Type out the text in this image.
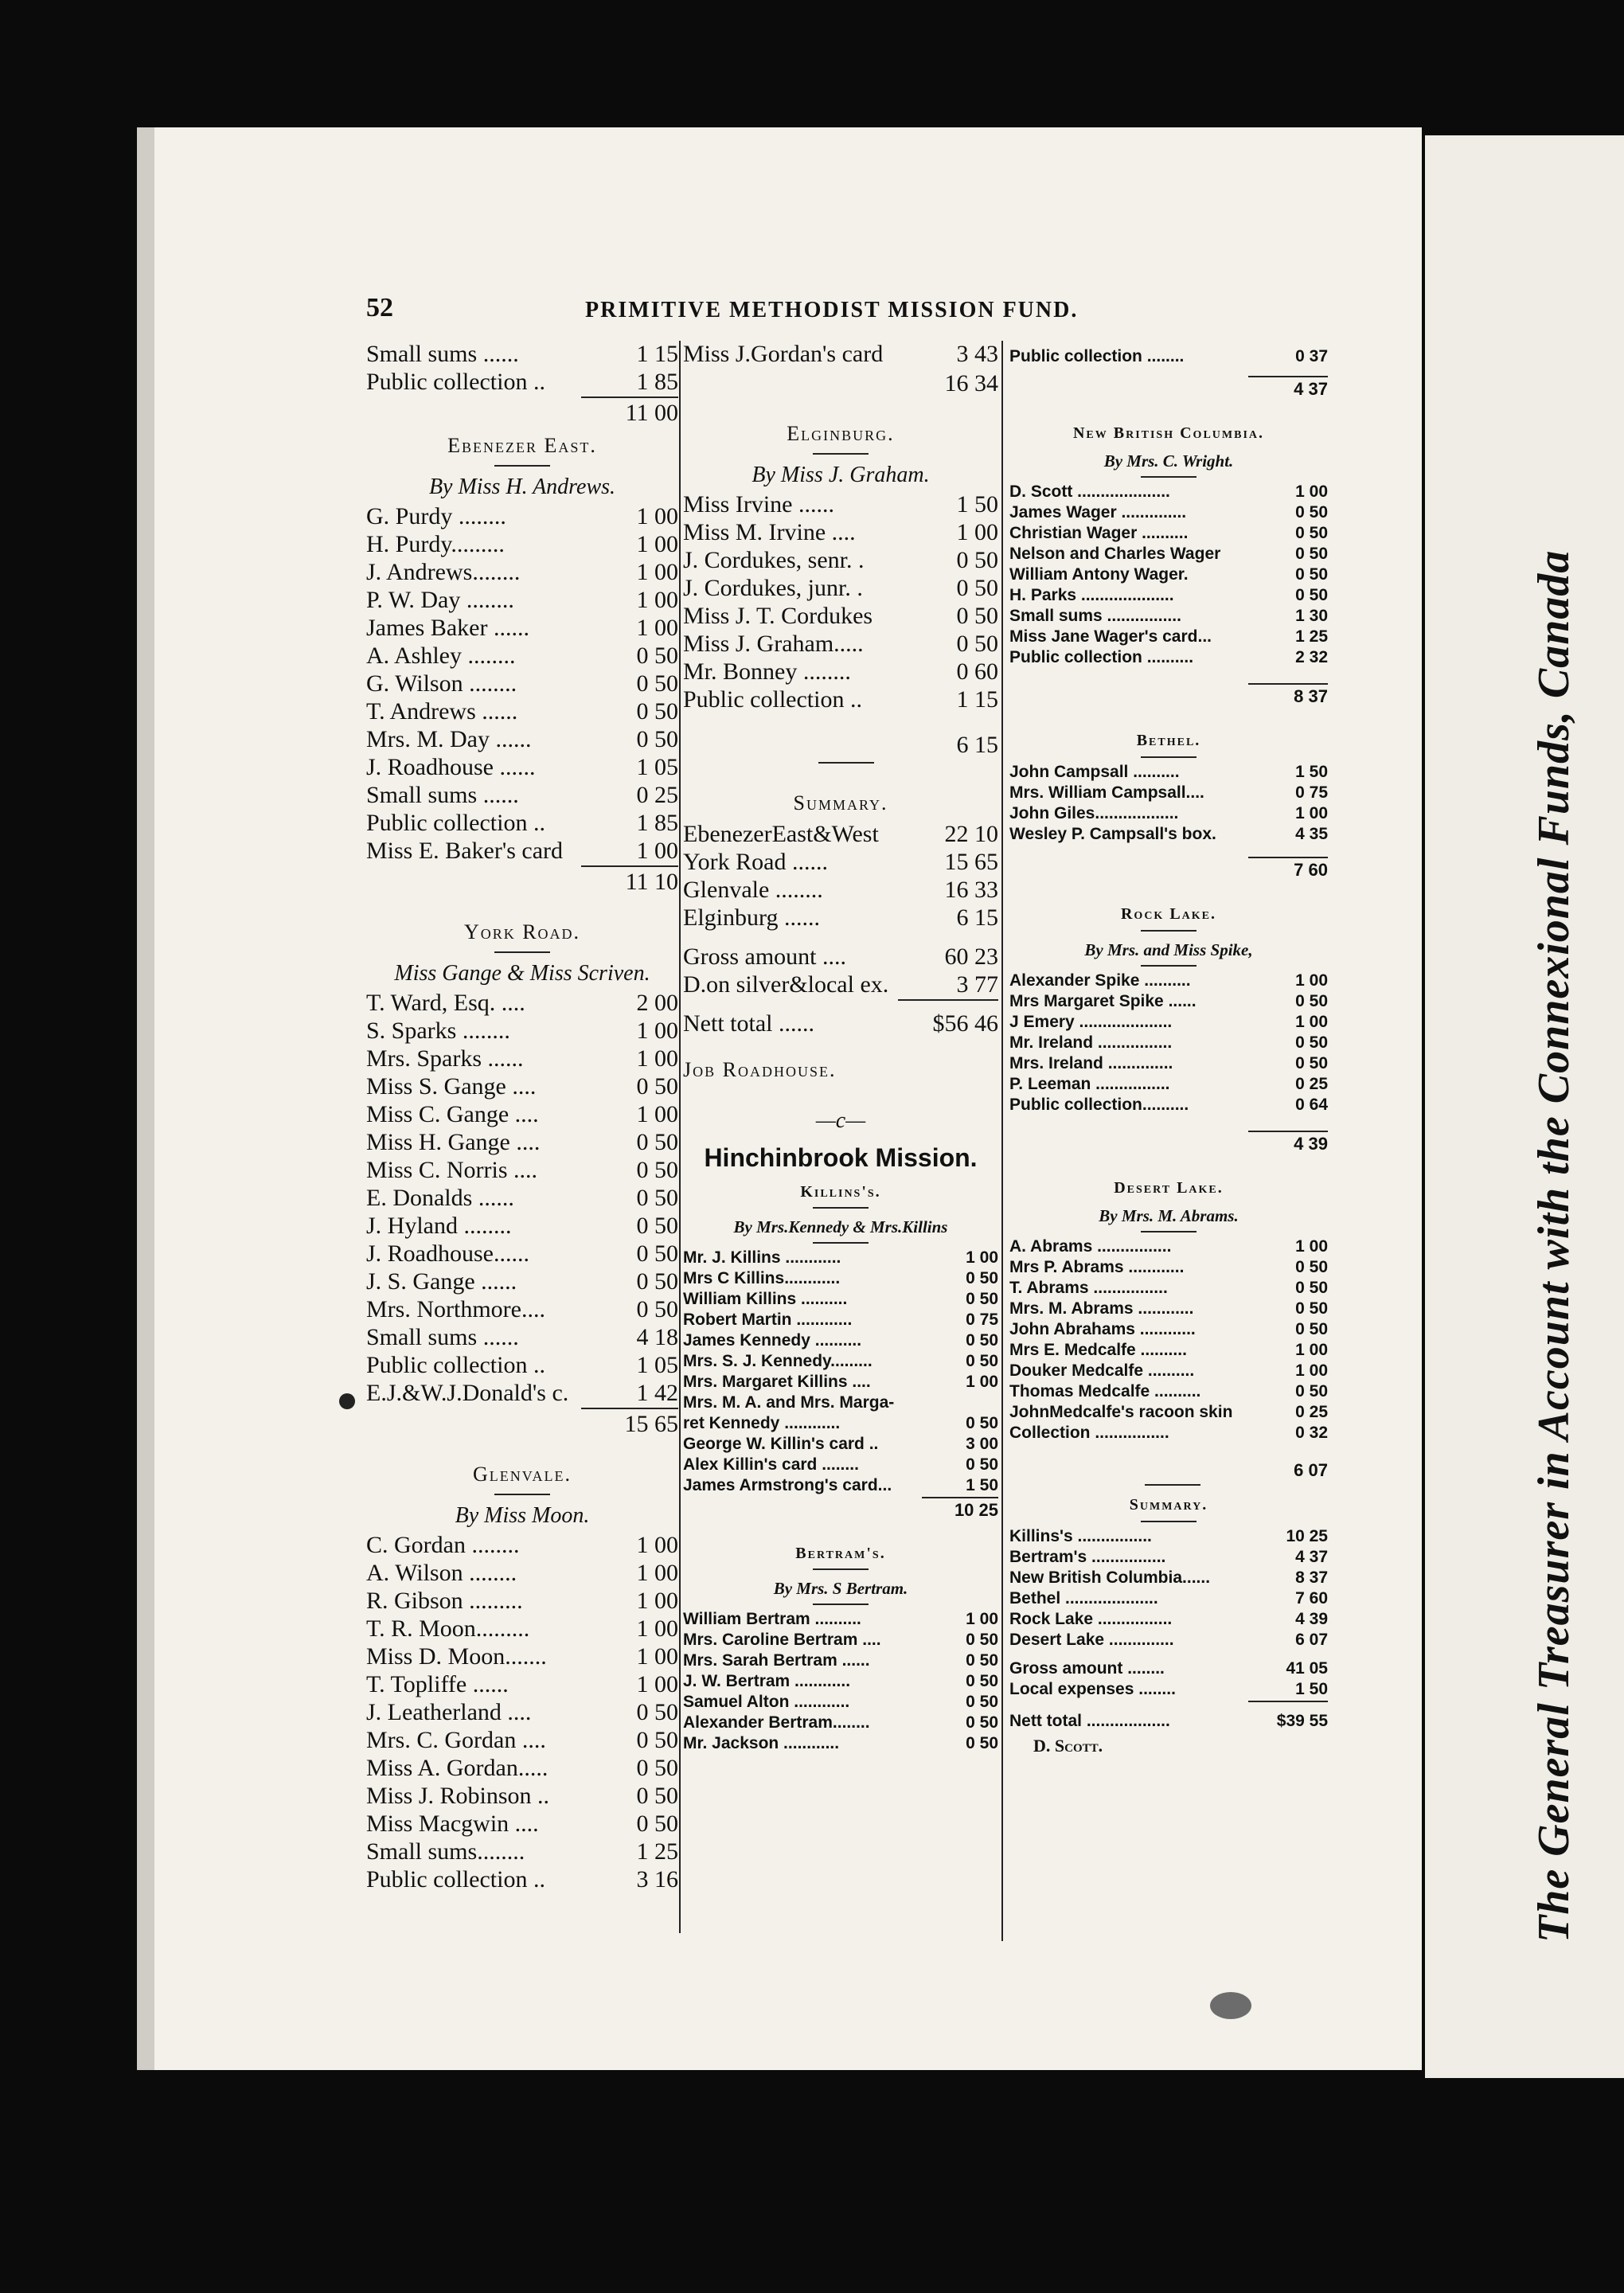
The General Treasurer in Account with the Connexional Funds, Canada
52	PRIMITIVE METHODIST MISSION FUND.
Small sums ......	1 15
Public collection ..	1 85
11 00
Ebenezer East.
By Miss H. Andrews.
G. Purdy ........	1 00
H. Purdy.........	1 00
J. Andrews........	1 00
P. W. Day ........	1 00
James Baker ......	1 00
A. Ashley ........	0 50
G. Wilson ........	0 50
T. Andrews ......	0 50
Mrs. M. Day ......	0 50
J. Roadhouse ......	1 05
Small sums ......	0 25
Public collection ..	1 85
Miss E. Baker's card	1 00
11 10
York Road.
Miss Gange & Miss Scriven.
T. Ward, Esq. ....	2 00
S. Sparks ........	1 00
Mrs. Sparks ......	1 00
Miss S. Gange ....	0 50
Miss C. Gange ....	1 00
Miss H. Gange ....	0 50
Miss C. Norris ....	0 50
E. Donalds ......	0 50
J. Hyland ........	0 50
J. Roadhouse......	0 50
J. S. Gange ......	0 50
Mrs. Northmore....	0 50
Small sums ......	4 18
Public collection ..	1 05
E.J.&W.J.Donald's c.	1 42
15 65
Glenvale.
By Miss Moon.
C. Gordan ........	1 00
A. Wilson ........	1 00
R. Gibson .........	1 00
T. R. Moon.........	1 00
Miss D. Moon.......	1 00
T. Topliffe ......	1 00
J. Leatherland ....	0 50
Mrs. C. Gordan ....	0 50
Miss A. Gordan.....	0 50
Miss J. Robinson ..	0 50
Miss Macgwin ....	0 50
Small sums........	1 25
Public collection ..	3 16
Miss J.Gordan's card	3 43
16 34
Elginburg.
By Miss J. Graham.
Miss Irvine ......	1 50
Miss M. Irvine ....	1 00
J. Cordukes, senr. .	0 50
J. Cordukes, junr. .	0 50
Miss J. T. Cordukes	0 50
Miss J. Graham.....	0 50
Mr. Bonney ........	0 60
Public collection ..	1 15
6 15
Summary.
EbenezerEast&West	22 10
York Road ......	15 65
Glenvale ........	16 33
Elginburg ......	6 15
Gross amount ....	60 23
D.on silver&local ex.	3 77
Nett total ......	$56 46
Job Roadhouse.
—c—
Hinchinbrook Mission.
Killins's.
By Mrs.Kennedy & Mrs.Killins
Mr. J. Killins ............	1 00
Mrs C Killins............	0 50
William Killins ..........	0 50
Robert Martin ............	0 75
James Kennedy ..........	0 50
Mrs. S. J. Kennedy.........	0 50
Mrs. Margaret Killins ....	1 00
Mrs. M. A. and Mrs. Marga-
ret Kennedy ............	0 50
George W. Killin's card ..	3 00
Alex Killin's card ........	0 50
James Armstrong's card...	1 50
10 25
Bertram's.
By Mrs. S Bertram.
William Bertram ..........	1 00
Mrs. Caroline Bertram ....	0 50
Mrs. Sarah Bertram ......	0 50
J. W. Bertram ............	0 50
Samuel Alton ............	0 50
Alexander Bertram........	0 50
Mr. Jackson ............	0 50
Public collection ........	0 37
4 37
New British Columbia.
By Mrs. C. Wright.
D. Scott ....................	1 00
James Wager ..............	0 50
Christian Wager ..........	0 50
Nelson and Charles Wager	0 50
William Antony Wager.	0 50
H. Parks ....................	0 50
Small sums ................	1 30
Miss Jane Wager's card...	1 25
Public collection ..........	2 32
8 37
Bethel.
John Campsall ..........	1 50
Mrs. William Campsall....	0 75
John Giles..................	1 00
Wesley P. Campsall's box.	4 35
7 60
Rock Lake.
By Mrs. and Miss Spike,
Alexander Spike ..........	1 00
Mrs Margaret Spike ......	0 50
J Emery ....................	1 00
Mr. Ireland ................	0 50
Mrs. Ireland ..............	0 50
P. Leeman ................	0 25
Public collection..........	0 64
4 39
Desert Lake.
By Mrs. M. Abrams.
A. Abrams ................	1 00
Mrs P. Abrams ............	0 50
T. Abrams ................	0 50
Mrs. M. Abrams ............	0 50
John Abrahams ............	0 50
Mrs E. Medcalfe ..........	1 00
Douker Medcalfe ..........	1 00
Thomas Medcalfe ..........	0 50
JohnMedcalfe's racoon skin	0 25
Collection ................	0 32
6 07
Summary.
Killins's ................	10 25
Bertram's ................	4 37
New British Columbia......	8 37
Bethel ....................	7 60
Rock Lake ................	4 39
Desert Lake ..............	6 07
Gross amount ........	41 05
Local expenses ........	1 50
Nett total ..................	$39 55
D. Scott.
